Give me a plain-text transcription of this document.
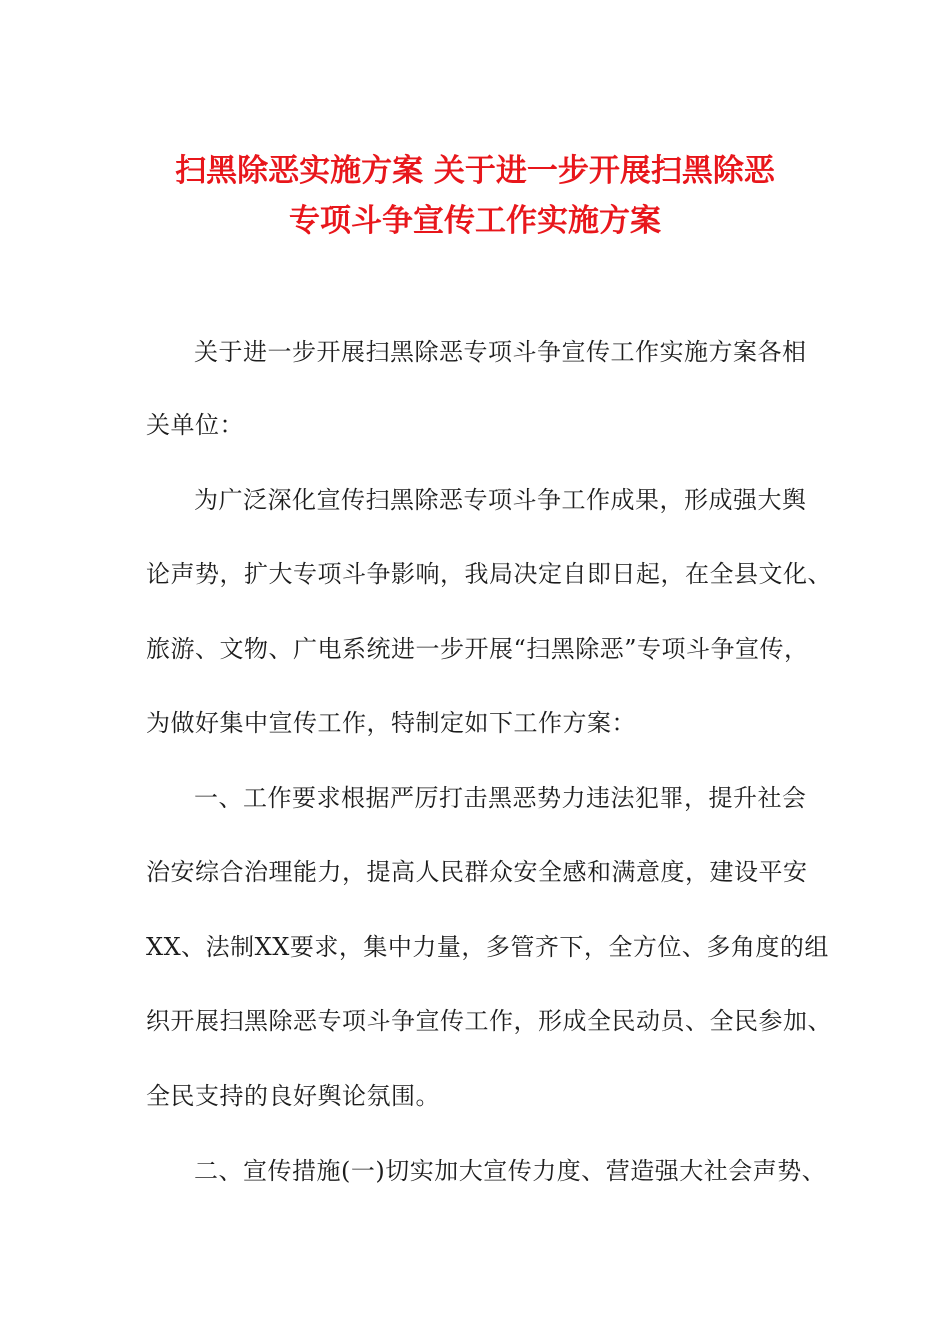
扫黑除恶实施方案 关于进一步开展扫黑除恶
专项斗争宣传工作实施方案
关于进一步开展扫黑除恶专项斗争宣传工作实施方案各相
关单位：
为广泛深化宣传扫黑除恶专项斗争工作成果，形成强大舆
论声势，扩大专项斗争影响，我局决定自即日起，在全县文化、
旅游、文物、广电系统进一步开展“扫黑除恶”专项斗争宣传，
为做好集中宣传工作，特制定如下工作方案：
一、工作要求根据严厉打击黑恶势力违法犯罪，提升社会
治安综合治理能力，提高人民群众安全感和满意度，建设平安
XX、法制XX要求，集中力量，多管齐下，全方位、多角度的组
织开展扫黑除恶专项斗争宣传工作，形成全民动员、全民参加、
全民支持的良好舆论氛围。
二、宣传措施(一)切实加大宣传力度、营造强大社会声势、
